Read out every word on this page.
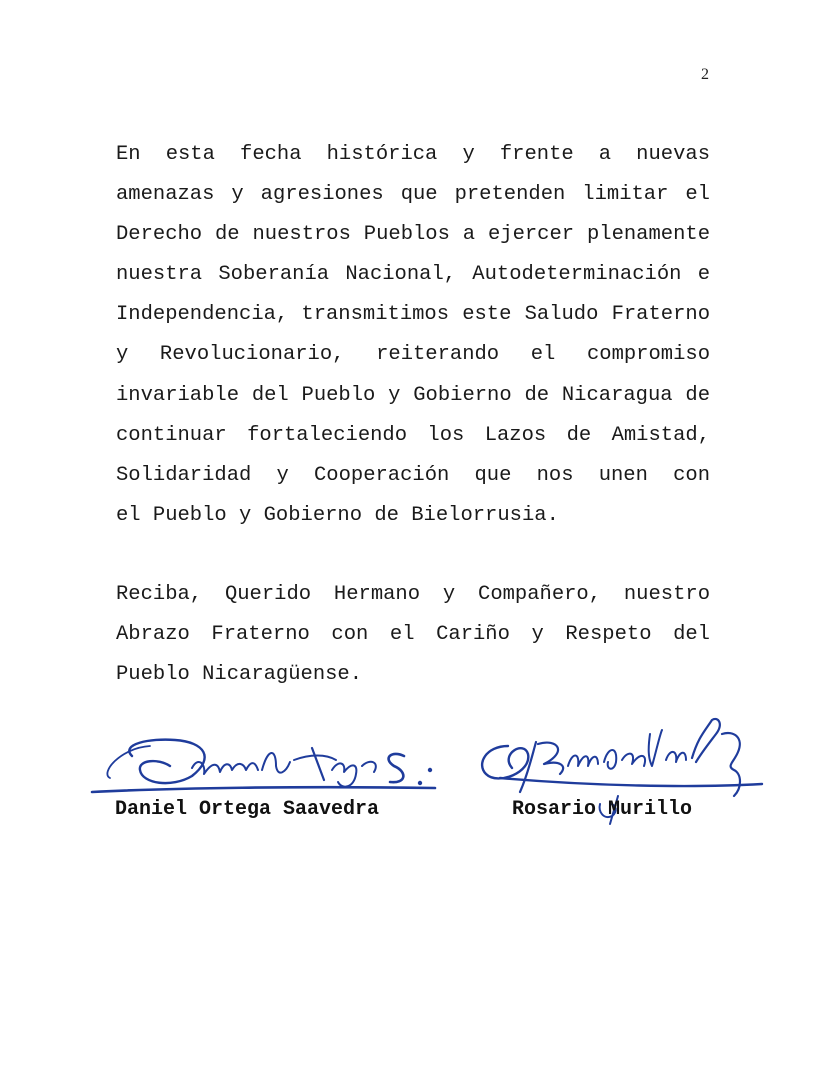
2
En esta fecha histórica y frente a nuevas
amenazas y agresiones que pretenden limitar el
Derecho de nuestros Pueblos a ejercer plenamente
nuestra Soberanía Nacional, Autodeterminación e
Independencia, transmitimos este Saludo Fraterno
y Revolucionario, reiterando el compromiso
invariable del Pueblo y Gobierno de Nicaragua de
continuar fortaleciendo los Lazos de Amistad,
Solidaridad y Cooperación que nos unen con
el Pueblo y Gobierno de Bielorrusia.
Reciba, Querido Hermano y Compañero, nuestro
Abrazo Fraterno con el Cariño y Respeto del
Pueblo Nicaragüense.

Daniel Ortega Saavedra	Rosario Murillo
